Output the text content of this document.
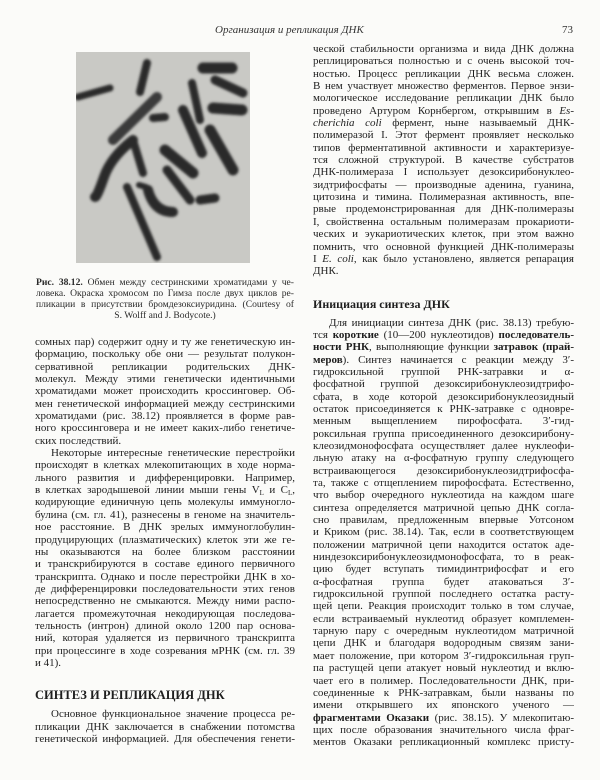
Организация и репликация ДНК	73
Рис. 38.12. Обмен между сестринскими хроматидами у че-
ловека. Окраска хромосом по Гимза после двух циклов ре-
пликации в присутствии бромдезоксиуридина. (Courtesy of
S. Wolff and J. Bodycote.)
сомных пар) содержит одну и ту же генетическую ин-
формацию, поскольку обе они — результат полукон-
сервативной репликации родительских ДНК-
молекул. Между этими генетически идентичными
хроматидами может происходить кроссинговер. Об-
мен генетической информацией между сестринскими
хроматидами (рис. 38.12) проявляется в форме рав-
ного кроссинговера и не имеет каких-либо генетиче-
ских последствий.
Некоторые интересные генетические перестройки
происходят в клетках млекопитающих в ходе норма-
льного развития и дифференцировки. Например,
в клетках зародышевой линии мыши гены $V_L$ и $C_L$,
кодирующие единичную цепь молекулы иммуногло-
булина (см. гл. 41), разнесены в геноме на значитель-
ное расстояние. В ДНК зрелых иммуноглобулин-
продуцирующих (плазматических) клеток эти же ге-
ны оказываются на более близком расстоянии
и транскрибируются в составе единого первичного
транскрипта. Однако и после перестройки ДНК в хо-
де дифференцировки последовательности этих генов
непосредственно не смыкаются. Между ними распо-
лагается промежуточная некодирующая последова-
тельность (интрон) длиной около 1200 пар основа-
ний, которая удаляется из первичного транскрипта
при процессинге в ходе созревания мРНК (см. гл. 39
и 41).
СИНТЕЗ И РЕПЛИКАЦИЯ ДНК
Основное функциональное значение процесса ре-
пликации ДНК заключается в снабжении потомства
генетической информацией. Для обеспечения генети-
ческой стабильности организма и вида ДНК должна
реплицироваться полностью и с очень высокой точ-
ностью. Процесс репликации ДНК весьма сложен.
В нем участвует множество ферментов. Первое энзи-
мологическое исследование репликации ДНК было
проведено Артуром Корнбергом, открывшим в Es-
cherichia coli фермент, ныне называемый ДНК-
полимеразой I. Этот фермент проявляет несколько
типов ферментативной активности и характеризуе-
тся сложной структурой. В качестве субстратов
ДНК-полимераза I использует дезоксирибонуклео-
зидтрифосфаты — производные аденина, гуанина,
цитозина и тимина. Полимеразная активность, впе-
рвые продемонстрированная для ДНК-полимеразы
I, свойственна остальным полимеразам прокариоти-
ческих и эукариотических клеток, при этом важно
помнить, что основной функцией ДНК-полимеразы
I E. coli, как было установлено, является репарация
ДНК.
Инициация синтеза ДНК
Для инициации синтеза ДНК (рис. 38.13) требую-
тся короткие (10—200 нуклеотидов) последователь-
ности РНК, выполняющие функции затравок (прай-
меров). Синтез начинается с реакции между 3′-
гидроксильной группой РНК-затравки и α-
фосфатной группой дезоксирибонуклеозидтрифо-
сфата, в ходе которой дезоксирибонуклеозидный
остаток присоединяется к РНК-затравке с одновре-
менным выщеплением пирофосфата. 3′-гид-
роксильная группа присоединенного дезоксирибону-
клеозидмонофосфата осуществляет далее нуклеофи-
льную атаку на α-фосфатную группу следующего
встраивающегося дезоксирибонуклеозидтрифосфа-
та, также с отщеплением пирофосфата. Естественно,
что выбор очередного нуклеотида на каждом шаге
синтеза определяется матричной цепью ДНК согла-
сно правилам, предложенным впервые Уотсоном
и Криком (рис. 38.14). Так, если в соответствующем
положении матричной цепи находится остаток аде-
ниндезоксирибонуклеозидмонофосфата, то в реак-
цию будет вступать тимидинтрифосфат и его
α-фосфатная группа будет атаковаться 3′-
гидроксильной группой последнего остатка расту-
щей цепи. Реакция происходит только в том случае,
если встраиваемый нуклеотид образует комплемен-
тарную пару с очередным нуклеотидом матричной
цепи ДНК и благодаря водородным связям зани-
мает положение, при котором 3′-гидроксильная груп-
па растущей цепи атакует новый нуклеотид и вклю-
чает его в полимер. Последовательности ДНК, при-
соединенные к РНК-затравкам, были названы по
имени открывшего их японского ученого —
фрагментами Оказаки (рис. 38.15). У млекопитаю-
щих после образования значительного числа фраг-
ментов Оказаки репликационный комплекс присту-
